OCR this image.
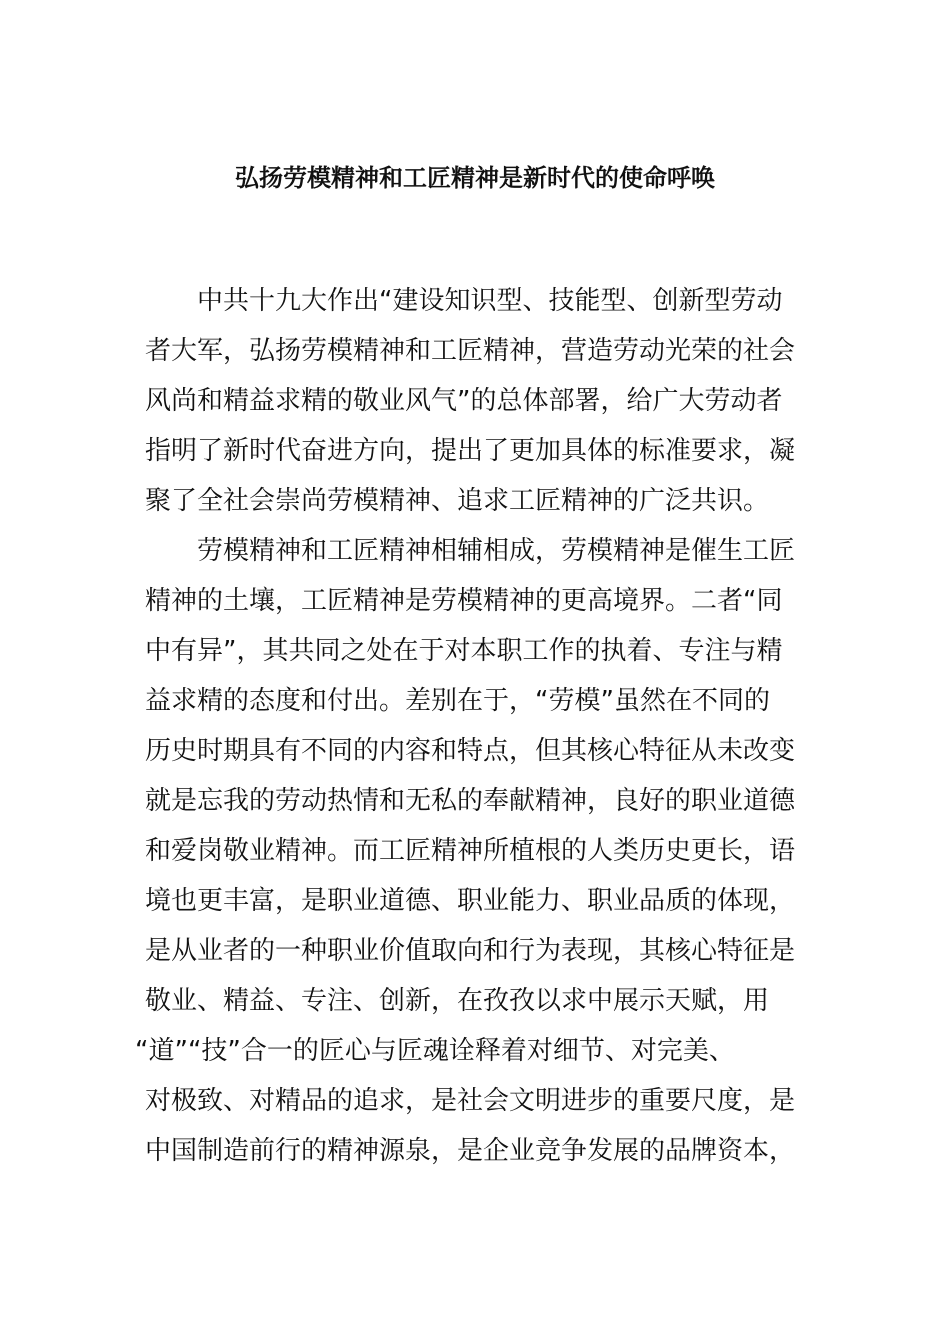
弘扬劳模精神和工匠精神是新时代的使命呼唤
中共十九大作出“建设知识型、技能型、创新型劳动
者大军，弘扬劳模精神和工匠精神，营造劳动光荣的社会
风尚和精益求精的敬业风气”的总体部署，给广大劳动者
指明了新时代奋进方向，提出了更加具体的标准要求，凝
聚了全社会崇尚劳模精神、追求工匠精神的广泛共识。
劳模精神和工匠精神相辅相成，劳模精神是催生工匠
精神的土壤，工匠精神是劳模精神的更高境界。二者“同
中有异”，其共同之处在于对本职工作的执着、专注与精
益求精的态度和付出。差别在于，“劳模”虽然在不同的
历史时期具有不同的内容和特点，但其核心特征从未改变
就是忘我的劳动热情和无私的奉献精神，良好的职业道德
和爱岗敬业精神。而工匠精神所植根的人类历史更长，语
境也更丰富，是职业道德、职业能力、职业品质的体现，
是从业者的一种职业价值取向和行为表现，其核心特征是
敬业、精益、专注、创新，在孜孜以求中展示天赋，用
“道”“技”合一的匠心与匠魂诠释着对细节、对完美、
对极致、对精品的追求，是社会文明进步的重要尺度，是
中国制造前行的精神源泉，是企业竞争发展的品牌资本，
